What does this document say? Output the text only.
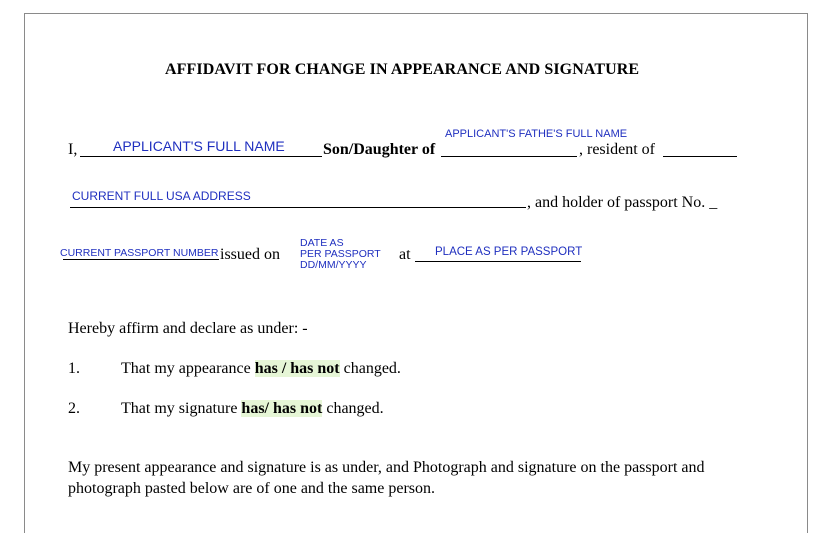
AFFIDAVIT FOR CHANGE IN APPEARANCE AND SIGNATURE
I,	APPLICANT'S FULL NAME Son/Daughter of
APPLICANT'S FATHE'S FULL NAME
, resident of
CURRENT FULL USA ADDRESS	, and holder of passport No. _
CURRENT PASSPORT NUMBER issued on
DATE AS
PER PASSPORT
DD/MM/YYYY
at PLACE AS PER PASSPORT
Hereby affirm and declare as under: -
1.	That my appearance has / has not changed.
2.	That my signature has/ has not changed.
My present appearance and signature is as under, and Photograph and signature on the passport and
photograph pasted below are of one and the same person.
